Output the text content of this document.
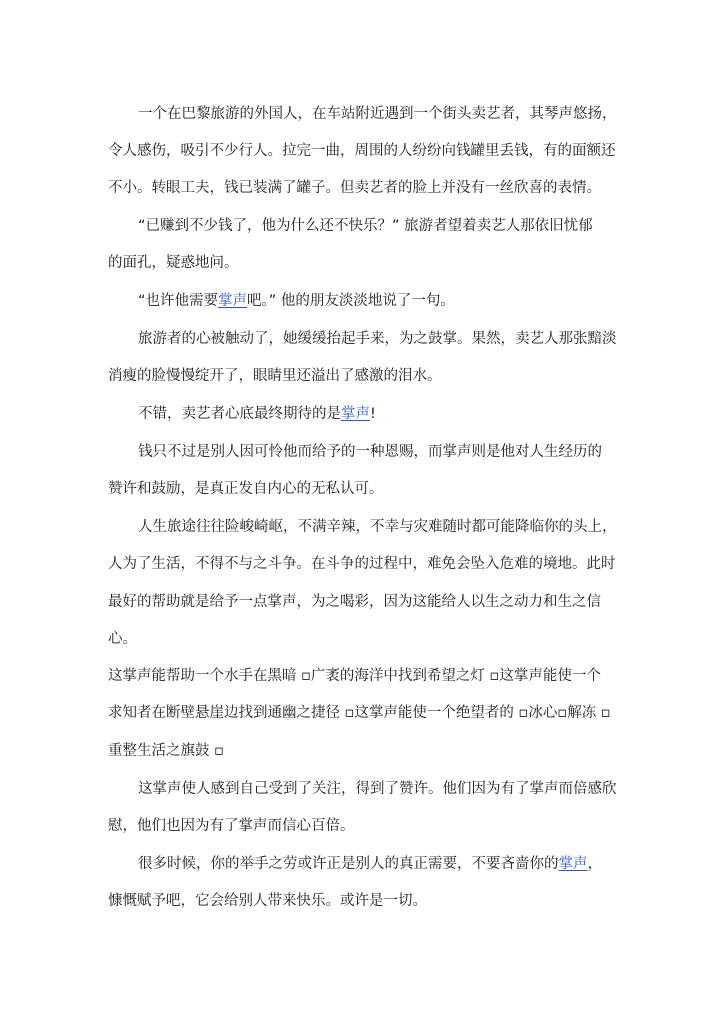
一个在巴黎旅游的外国人，在车站附近遇到一个街头卖艺者，其琴声悠扬，
令人感伤，吸引不少行人。拉完一曲，周围的人纷纷向钱罐里丢钱，有的面额还
不小。转眼工夫，钱已装满了罐子。但卖艺者的脸上并没有一丝欣喜的表情。
“已赚到不少钱了，他为什么还不快乐？” 旅游者望着卖艺人那依旧忧郁
的面孔，疑惑地问。
“也许他需要掌声吧。” 他的朋友淡淡地说了一句。
旅游者的心被触动了，她缓缓抬起手来，为之鼓掌。果然，卖艺人那张黯淡
消瘦的脸慢慢绽开了，眼睛里还溢出了感激的泪水。
不错，卖艺者心底最终期待的是掌声!
钱只不过是别人因可怜他而给予的一种恩赐，而掌声则是他对人生经历的
赞许和鼓励，是真正发自内心的无私认可。
人生旅途往往险峻崎岖，不满辛辣，不幸与灾难随时都可能降临你的头上，
人为了生活，不得不与之斗争。在斗争的过程中，难免会坠入危难的境地。此时
最好的帮助就是给予一点掌声，为之喝彩，因为这能给人以生之动力和生之信
心。
这掌声能帮助一个水手在黑暗 ▫广袤的海洋中找到希望之灯 ▫这掌声能使一个
求知者在断壁悬崖边找到通幽之捷径 ▫这掌声能使一个绝望者的 ▫冰心▫解冻 ▫
重整生活之旗鼓 ▫
这掌声使人感到自己受到了关注，得到了赞许。他们因为有了掌声而倍感欣
慰，他们也因为有了掌声而信心百倍。
很多时候，你的举手之劳或许正是别人的真正需要，不要吝啬你的掌声，
慷慨赋予吧，它会给别人带来快乐。或许是一切。
